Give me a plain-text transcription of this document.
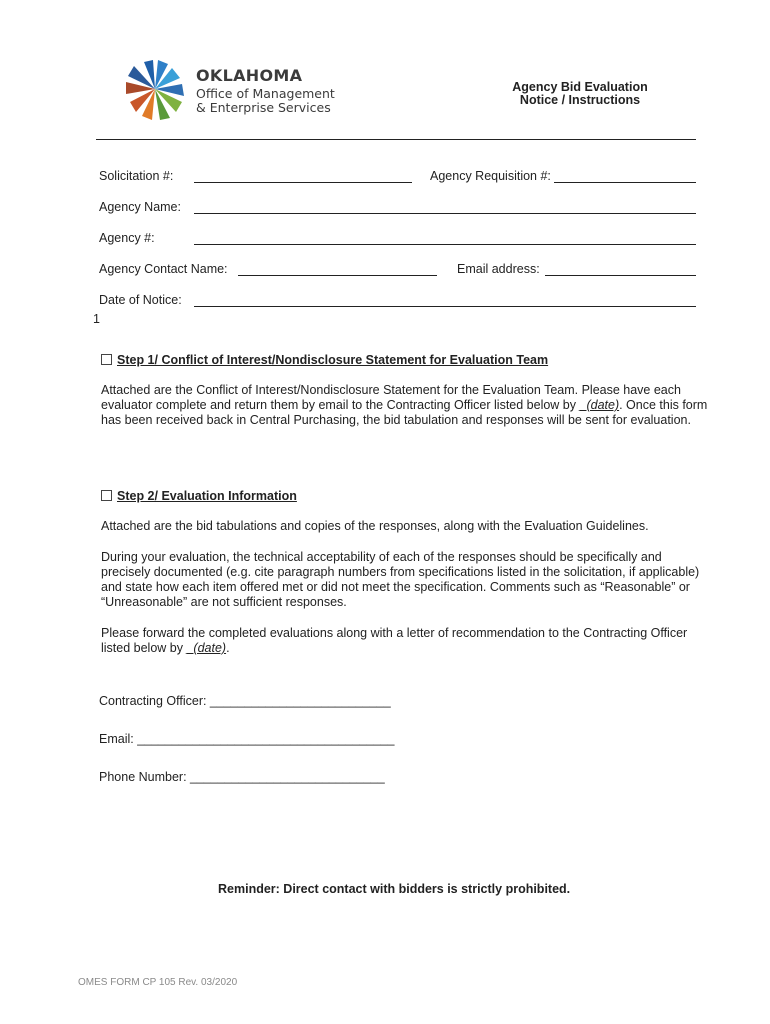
OKLAHOMA
Office of Management
& Enterprise Services
Agency Bid Evaluation
Notice / Instructions
Solicitation #:	Agency Requisition #:
Agency Name:
Agency #:
Agency Contact Name:	Email address:
Date of Notice:
1
Step 1/ Conflict of Interest/Nondisclosure Statement for Evaluation Team
Attached are the Conflict of Interest/Nondisclosure Statement for the Evaluation Team. Please have each evaluator complete and return them by email to the Contracting Officer listed below by _(date). Once this form has been received back in Central Purchasing, the bid tabulation and responses will be sent for evaluation.
Step 2/ Evaluation Information
Attached are the bid tabulations and copies of the responses, along with the Evaluation Guidelines.
During your evaluation, the technical acceptability of each of the responses should be specifically and precisely documented (e.g. cite paragraph numbers from specifications listed in the solicitation, if applicable) and state how each item offered met or did not meet the specification. Comments such as “Reasonable” or “Unreasonable” are not sufficient responses.
Please forward the completed evaluations along with a letter of recommendation to the Contracting Officer listed below by _(date).
Contracting Officer: __________________________
Email: _____________________________________
Phone Number: ____________________________
Reminder: Direct contact with bidders is strictly prohibited.
OMES FORM CP 105 Rev. 03/2020
